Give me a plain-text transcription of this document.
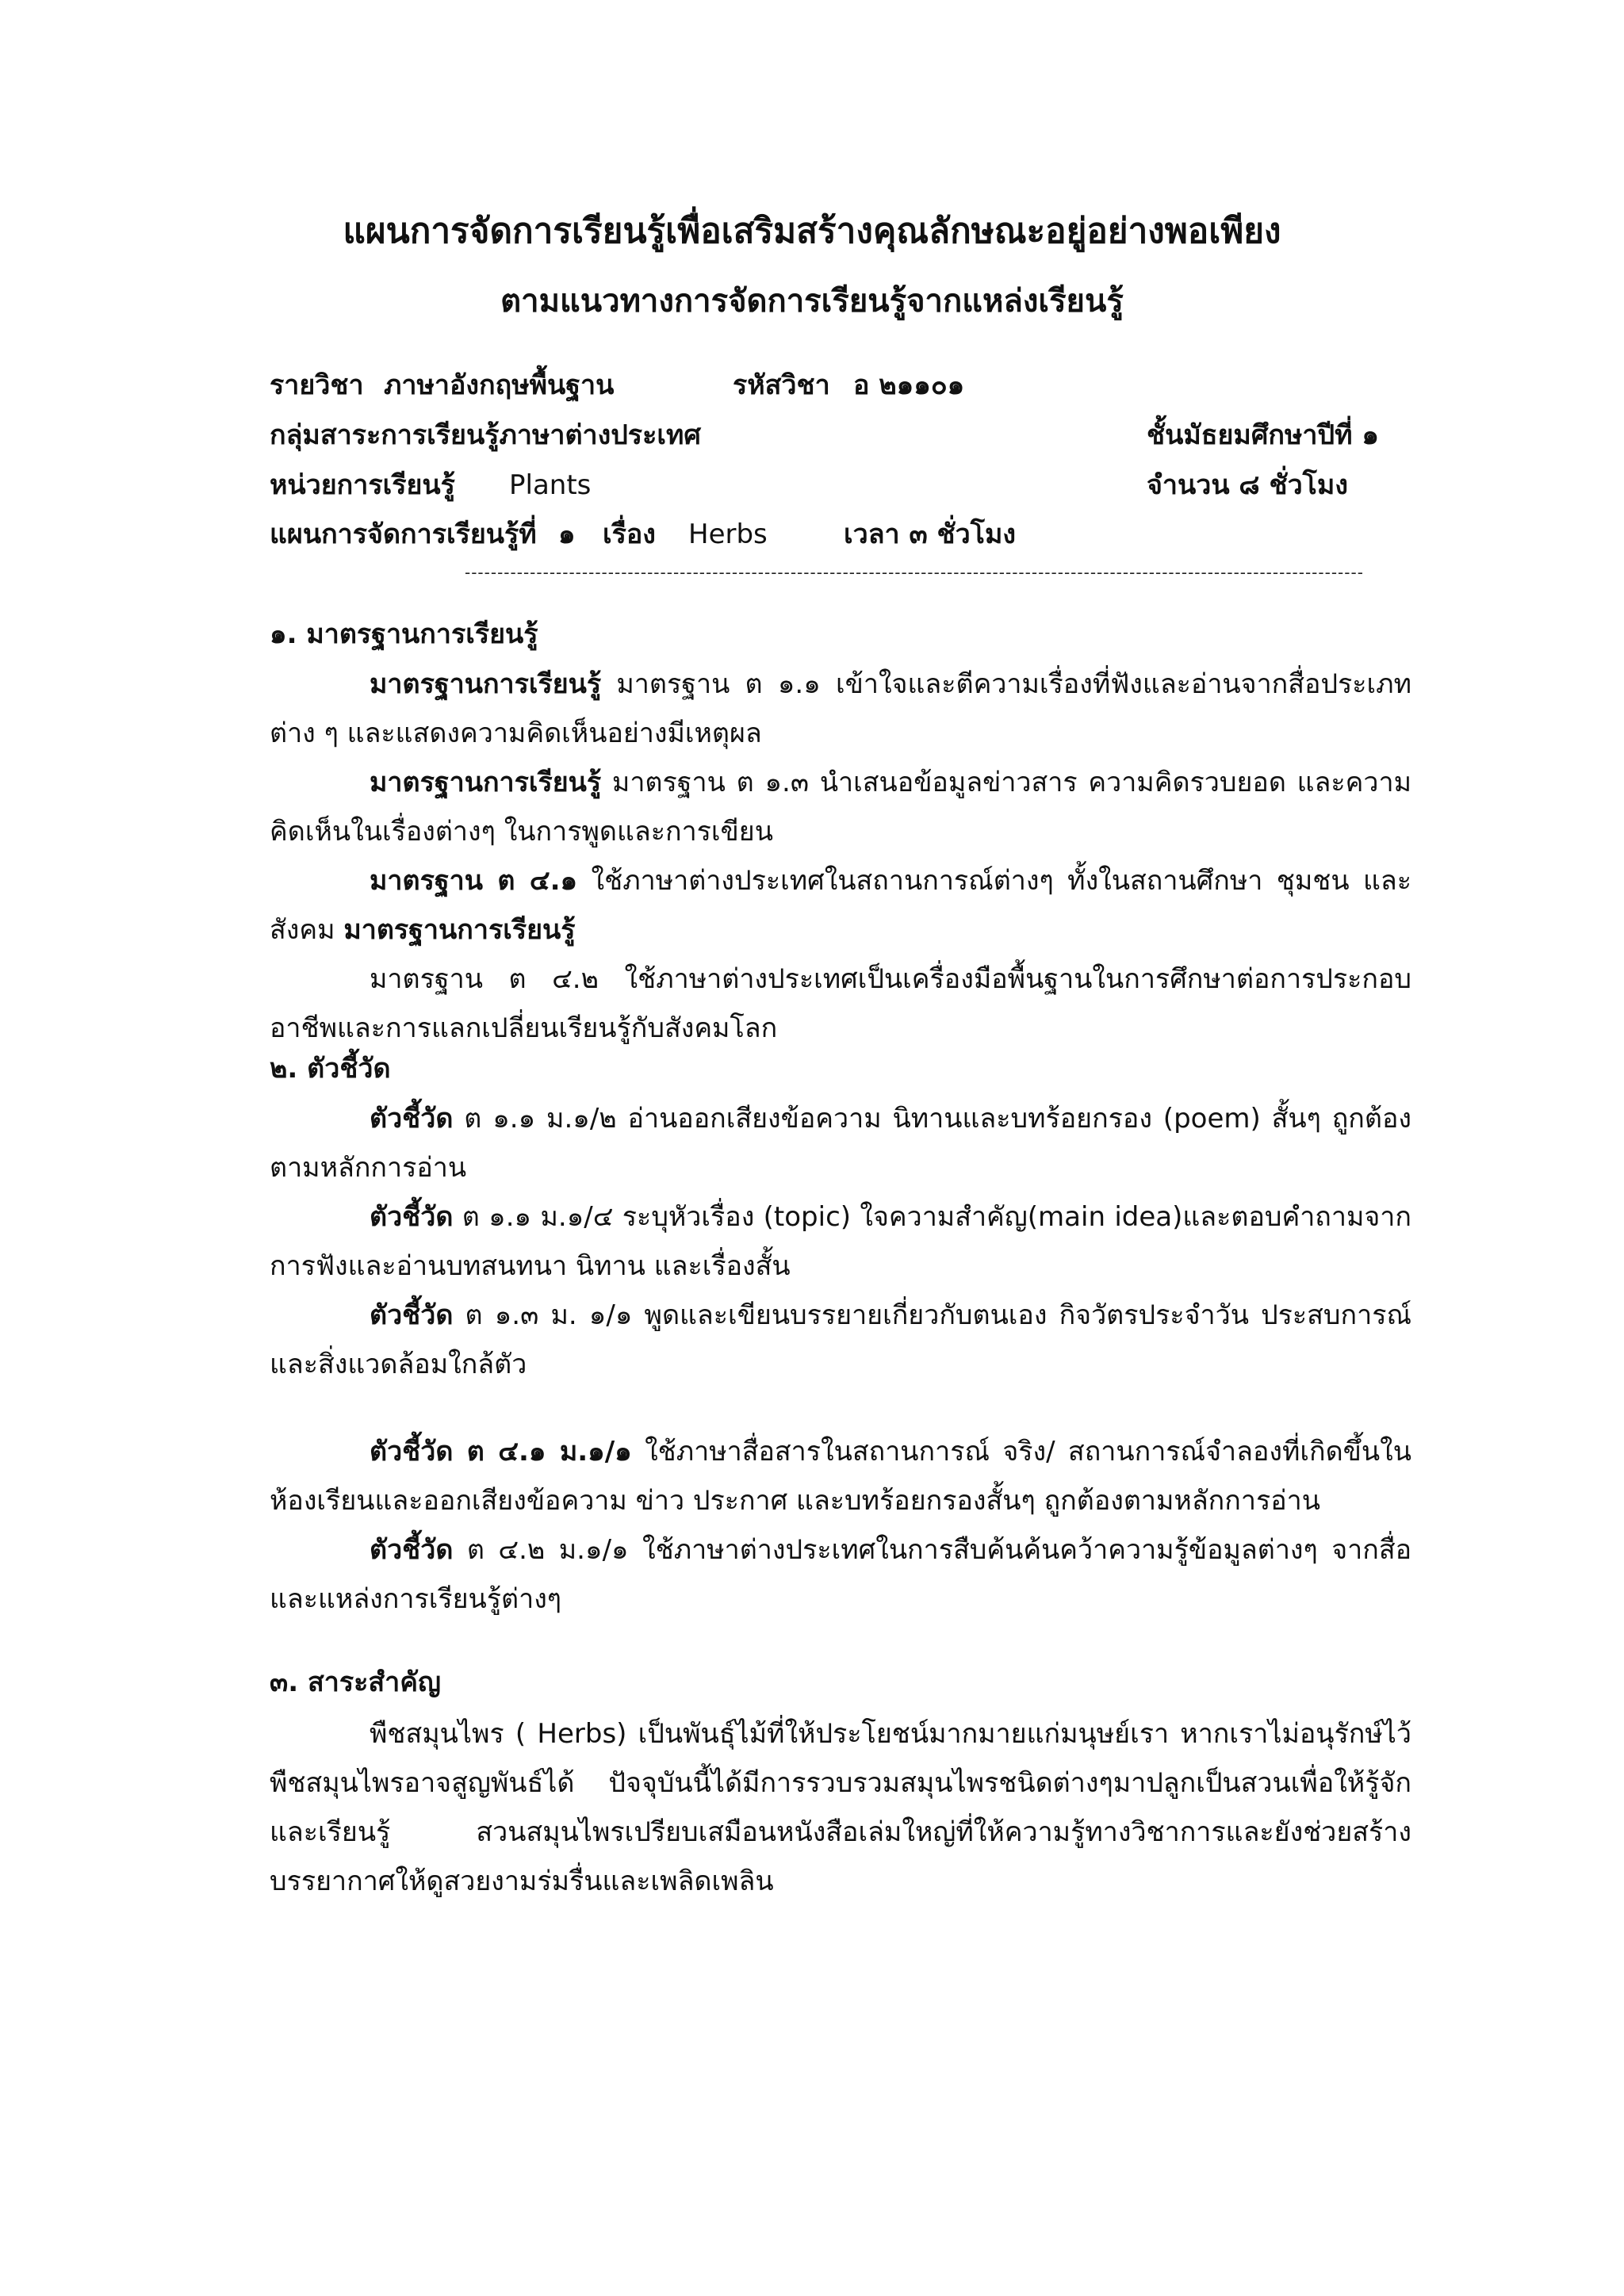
แผนการจัดการเรียนรู้เพื่อเสริมสร้างคุณลักษณะอยู่อย่างพอเพียง
ตามแนวทางการจัดการเรียนรู้จากแหล่งเรียนรู้
รายวิชา ภาษาอังกฤษพื้นฐาน	รหัสวิชา อ ๒๑๑๐๑
กลุ่มสาระการเรียนรู้ภาษาต่างประเทศ	ชั้นมัธยมศึกษาปีที่ ๑
หน่วยการเรียนรู้ Plants	จำนวน ๘ ชั่วโมง
แผนการจัดการเรียนรู้ที่ ๑ เรื่อง Herbs	เวลา ๓ ชั่วโมง
------------------------------------------------------------------------------------------------------------------------------------------
๑. มาตรฐานการเรียนรู้
มาตรฐานการเรียนรู้ มาตรฐาน ต ๑.๑ เข้าใจและตีความเรื่องที่ฟังและอ่านจากสื่อประเภทต่าง ๆ และแสดงความคิดเห็นอย่างมีเหตุผล
มาตรฐานการเรียนรู้ มาตรฐาน ต ๑.๓ นำเสนอข้อมูลข่าวสาร ความคิดรวบยอด และความคิดเห็นในเรื่องต่างๆ ในการพูดและการเขียน
มาตรฐาน ต ๔.๑ ใช้ภาษาต่างประเทศในสถานการณ์ต่างๆ ทั้งในสถานศึกษา ชุมชน และสังคม มาตรฐานการเรียนรู้
มาตรฐาน ต ๔.๒ ใช้ภาษาต่างประเทศเป็นเครื่องมือพื้นฐานในการศึกษาต่อการประกอบอาชีพและการแลกเปลี่ยนเรียนรู้กับสังคมโลก
๒. ตัวชี้วัด
ตัวชี้วัด ต ๑.๑ ม.๑/๒ อ่านออกเสียงข้อความ นิทานและบทร้อยกรอง (poem) สั้นๆ ถูกต้องตามหลักการอ่าน
ตัวชี้วัด ต ๑.๑ ม.๑/๔ ระบุหัวเรื่อง (topic) ใจความสำคัญ(main idea)และตอบคำถามจากการฟังและอ่านบทสนทนา นิทาน และเรื่องสั้น
ตัวชี้วัด ต ๑.๓ ม. ๑/๑ พูดและเขียนบรรยายเกี่ยวกับตนเอง กิจวัตรประจำวัน ประสบการณ์และสิ่งแวดล้อมใกล้ตัว
ตัวชี้วัด ต ๔.๑ ม.๑/๑ ใช้ภาษาสื่อสารในสถานการณ์ จริง/ สถานการณ์จำลองที่เกิดขึ้นในห้องเรียนและออกเสียงข้อความ ข่าว ประกาศ และบทร้อยกรองสั้นๆ ถูกต้องตามหลักการอ่าน
ตัวชี้วัด ต ๔.๒ ม.๑/๑ ใช้ภาษาต่างประเทศในการสืบค้นค้นคว้าความรู้ข้อมูลต่างๆ จากสื่อและแหล่งการเรียนรู้ต่างๆ
๓. สาระสำคัญ
พืชสมุนไพร ( Herbs) เป็นพันธุ์ไม้ที่ให้ประโยชน์มากมายแก่มนุษย์เรา หากเราไม่อนุรักษ์ไว้พืชสมุนไพรอาจสูญพันธ์ได้ ปัจจุบันนี้ได้มีการรวบรวมสมุนไพรชนิดต่างๆมาปลูกเป็นสวนเพื่อให้รู้จักและเรียนรู้ สวนสมุนไพรเปรียบเสมือนหนังสือเล่มใหญ่ที่ให้ความรู้ทางวิชาการและยังช่วยสร้างบรรยากาศให้ดูสวยงามร่มรื่นและเพลิดเพลิน
